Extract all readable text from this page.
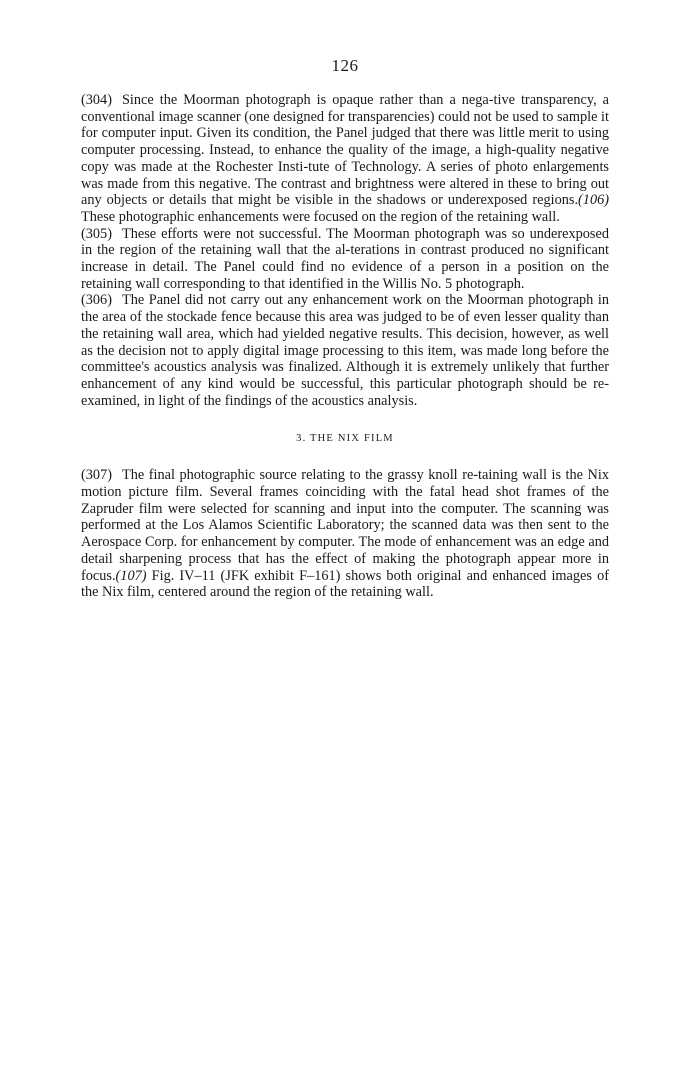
126

(304) Since the Moorman photograph is opaque rather than a nega-tive transparency, a conventional image scanner (one designed for transparencies) could not be used to sample it for computer input. Given its condition, the Panel judged that there was little merit to using computer processing. Instead, to enhance the quality of the image, a high-quality negative copy was made at the Rochester Insti-tute of Technology. A series of photo enlargements was made from this negative. The contrast and brightness were altered in these to bring out any objects or details that might be visible in the shadows or underexposed regions.(106) These photographic enhancements were focused on the region of the retaining wall.

(305) These efforts were not successful. The Moorman photograph was so underexposed in the region of the retaining wall that the al-terations in contrast produced no significant increase in detail. The Panel could find no evidence of a person in a position on the retaining wall corresponding to that identified in the Willis No. 5 photograph.

(306) The Panel did not carry out any enhancement work on the Moorman photograph in the area of the stockade fence because this area was judged to be of even lesser quality than the retaining wall area, which had yielded negative results. This decision, however, as well as the decision not to apply digital image processing to this item, was made long before the committee's acoustics analysis was finalized. Although it is extremely unlikely that further enhancement of any kind would be successful, this particular photograph should be re-examined, in light of the findings of the acoustics analysis.

3. THE NIX FILM

(307) The final photographic source relating to the grassy knoll re-taining wall is the Nix motion picture film. Several frames coinciding with the fatal head shot frames of the Zapruder film were selected for scanning and input into the computer. The scanning was performed at the Los Alamos Scientific Laboratory; the scanned data was then sent to the Aerospace Corp. for enhancement by computer. The mode of enhancement was an edge and detail sharpening process that has the effect of making the photograph appear more in focus.(107) Fig. IV–11 (JFK exhibit F–161) shows both original and enhanced images of the Nix film, centered around the region of the retaining wall.
